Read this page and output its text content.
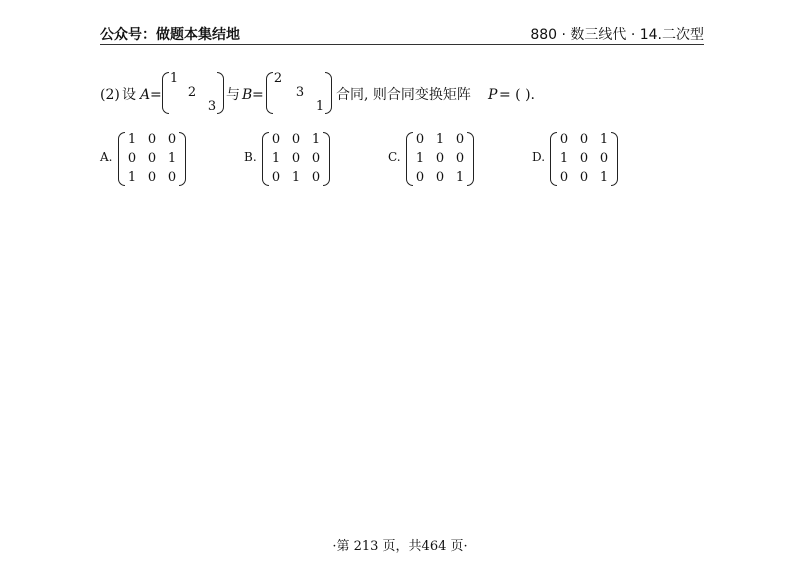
公众号：做题本集结地	880 · 数三线代 · 14.二次型
(2) 设 A =
1
2
3
与 B =
2
3
1
合同, 则合同变换矩阵 P = ( ).
A.
1 0 0
0 0 1
1 0 0
B.
0 0 1
1 0 0
0 1 0
C.
0 1 0
1 0 0
0 0 1
D.
0 0 1
1 0 0
0 0 1
·第 213 页，共464 页·
